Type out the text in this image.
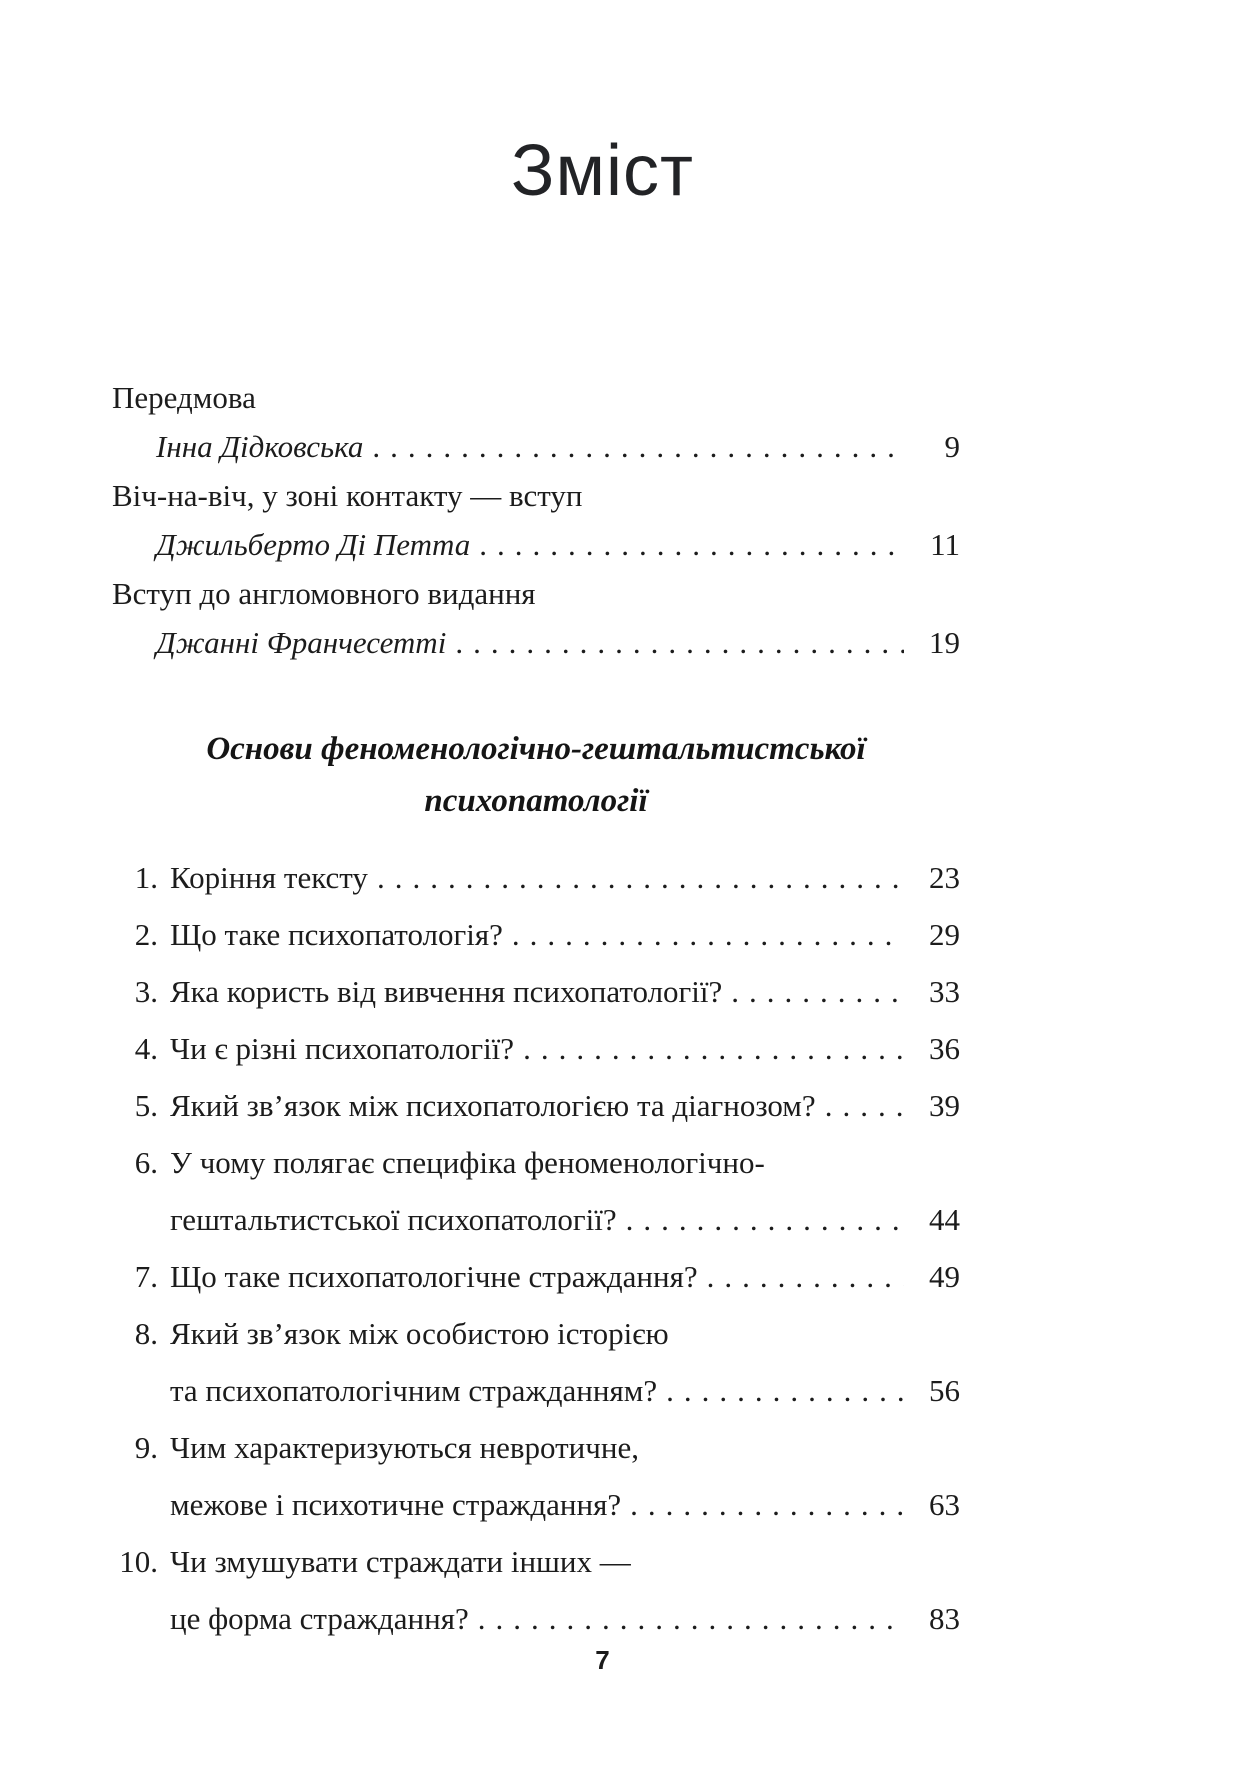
Зміст
Передмова
Інна Дідковська .....	9
Віч-на-віч, у зоні контакту — вступ
Джильберто Ді Петта .....	11
Вступ до англомовного видання
Джанні Франчесетті .....	19
Основи феноменологічно-гештальтистської
психопатології
1. Коріння тексту .....	23
2. Що таке психопатологія? .....	29
3. Яка користь від вивчення психопатології? .....	33
4. Чи є різні психопатології? .....	36
5. Який зв’язок між психопатологією та діагнозом? .....	39
6. У чому полягає специфіка феноменологічно-
гештальтистської психопатології? .....	44
7. Що таке психопатологічне страждання? .....	49
8. Який зв’язок між особистою історією
та психопатологічним стражданням? .....	56
9. Чим характеризуються невротичне,
межове і психотичне страждання? .....	63
10. Чи змушувати страждати інших —
це форма страждання? .....	83
7
